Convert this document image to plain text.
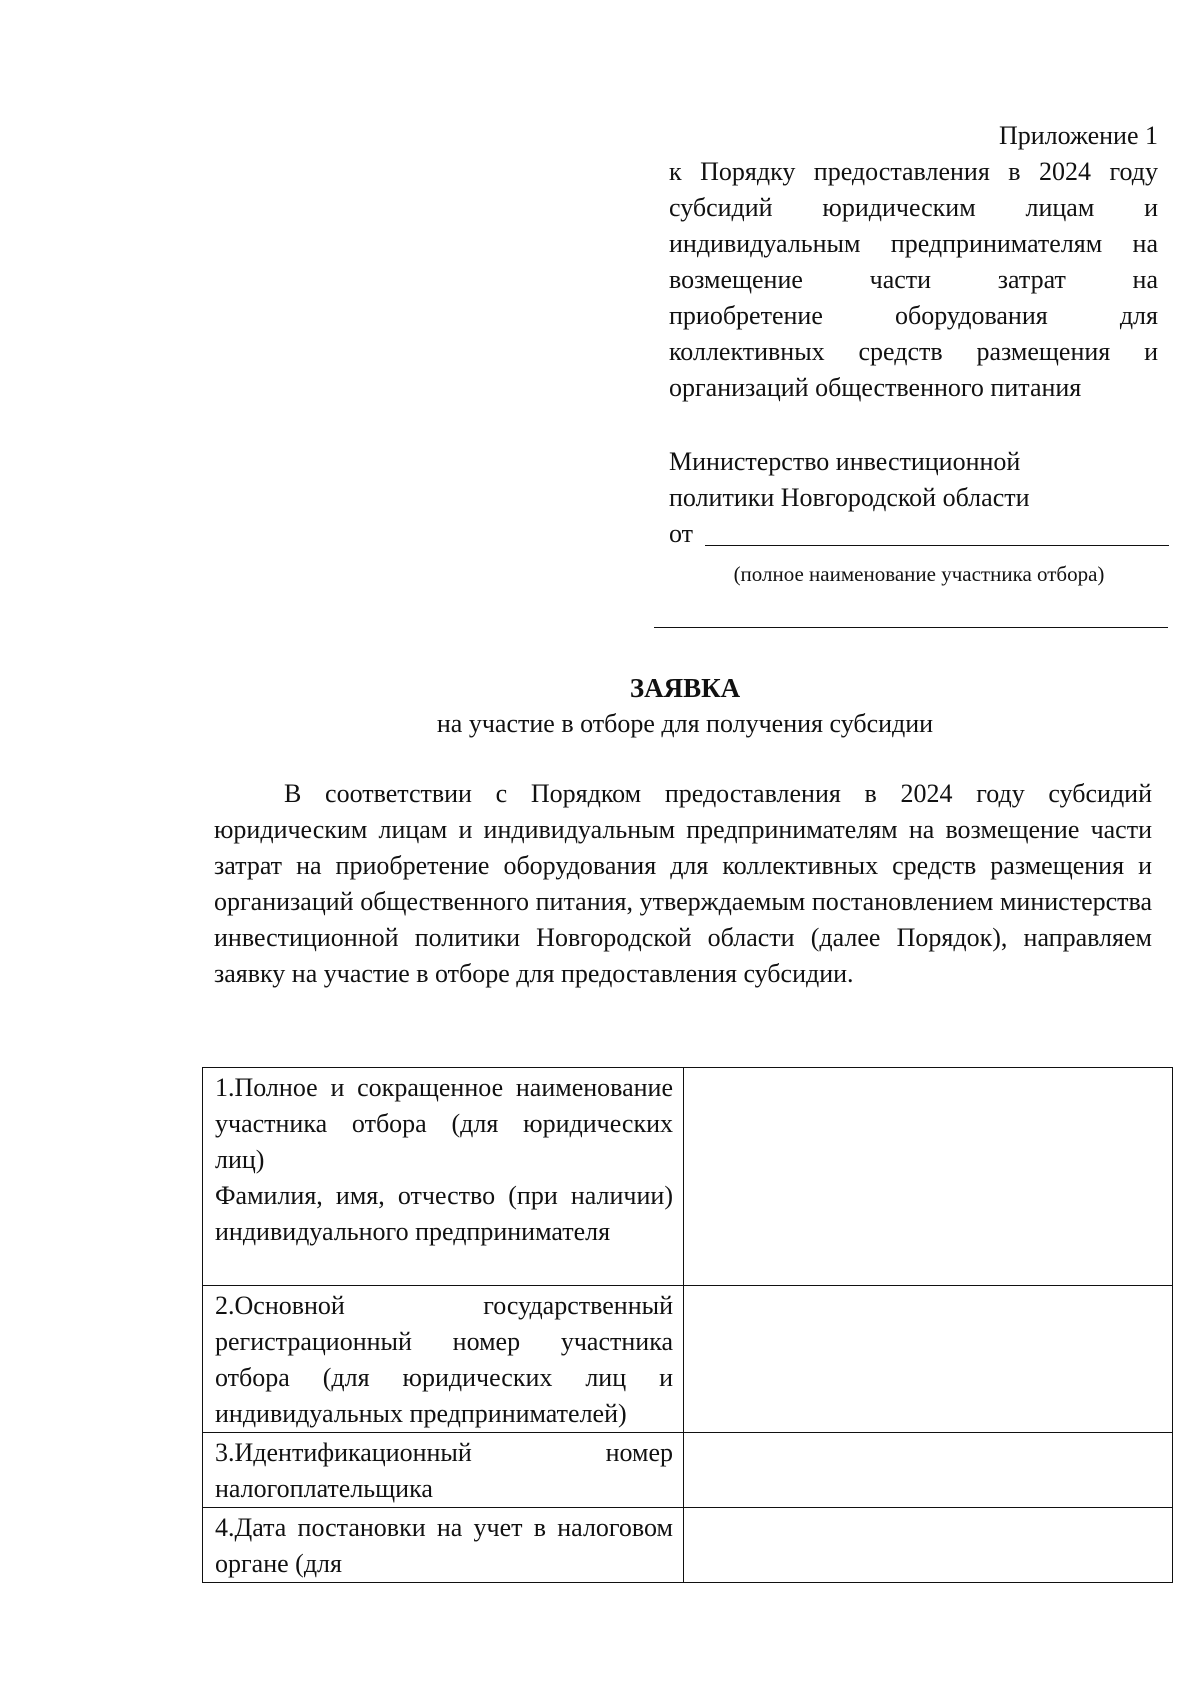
Приложение 1
к Порядку предоставления в 2024 году
субсидий юридическим лицам и
индивидуальным предпринимателям на
возмещение части затрат на
приобретение оборудования для
коллективных средств размещения и
организаций общественного питания
Министерство инвестиционной
политики Новгородской области
от
(полное наименование участника отбора)
ЗАЯВКА
на участие в отборе для получения субсидии
В соответствии с Порядком предоставления в 2024 году субсидий юридическим лицам и индивидуальным предпринимателям на возмещение части затрат на приобретение оборудования для коллективных средств размещения и организаций общественного питания, утверждаемым постановлением министерства инвестиционной политики Новгородской области (далее Порядок), направляем заявку на участие в отборе для предоставления субсидии.
1.Полное и сокращенное наименование участника отбора (для юридических лиц)
Фамилия, имя, отчество (при наличии) индивидуального предпринимателя	

2.Основной государственный регистрационный номер участника отбора (для юридических лиц и индивидуальных предпринимателей)	

3.Идентификационный номер налогоплательщика	

4.Дата постановки на учет в налоговом органе (для	
